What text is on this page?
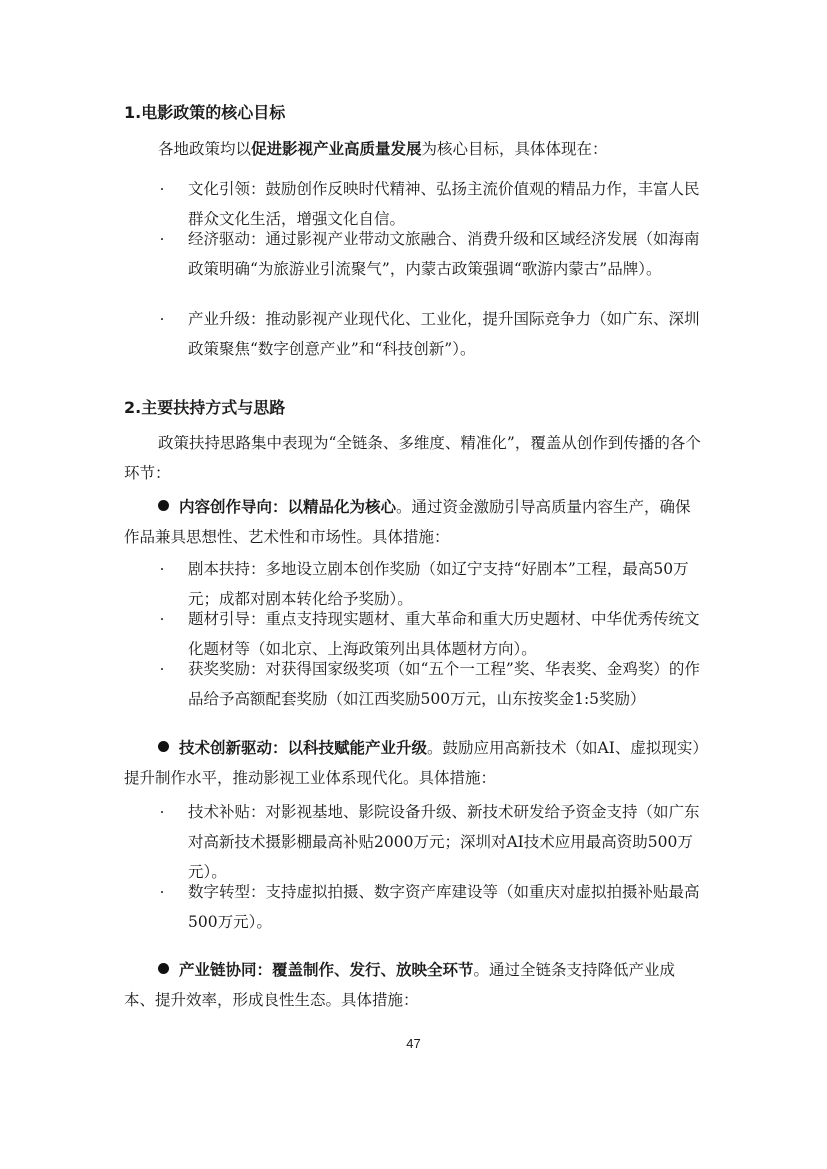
1.电影政策的核心目标
各地政策均以促进影视产业高质量发展为核心目标，具体体现在：
· 文化引领：鼓励创作反映时代精神、弘扬主流价值观的精品力作，丰富人民群众文化生活，增强文化自信。
· 经济驱动：通过影视产业带动文旅融合、消费升级和区域经济发展（如海南政策明确“为旅游业引流聚气”，内蒙古政策强调“歌游内蒙古”品牌）。
· 产业升级：推动影视产业现代化、工业化，提升国际竞争力（如广东、深圳政策聚焦“数字创意产业”和“科技创新”）。
2.主要扶持方式与思路
政策扶持思路集中表现为“全链条、多维度、精准化”，覆盖从创作到传播的各个环节：
内容创作导向：以精品化为核心。通过资金激励引导高质量内容生产，确保作品兼具思想性、艺术性和市场性。具体措施：
· 剧本扶持：多地设立剧本创作奖励（如辽宁支持“好剧本”工程，最高50万元；成都对剧本转化给予奖励）。
· 题材引导：重点支持现实题材、重大革命和重大历史题材、中华优秀传统文化题材等（如北京、上海政策列出具体题材方向）。
· 获奖奖励：对获得国家级奖项（如“五个一工程”奖、华表奖、金鸡奖）的作品给予高额配套奖励（如江西奖励500万元，山东按奖金1:5奖励）
技术创新驱动：以科技赋能产业升级。鼓励应用高新技术（如AI、虚拟现实）提升制作水平，推动影视工业体系现代化。具体措施：
· 技术补贴：对影视基地、影院设备升级、新技术研发给予资金支持（如广东对高新技术摄影棚最高补贴2000万元；深圳对AI技术应用最高资助500万元）。
· 数字转型：支持虚拟拍摄、数字资产库建设等（如重庆对虚拟拍摄补贴最高500万元）。
产业链协同：覆盖制作、发行、放映全环节。通过全链条支持降低产业成本、提升效率，形成良性生态。具体措施：
47
